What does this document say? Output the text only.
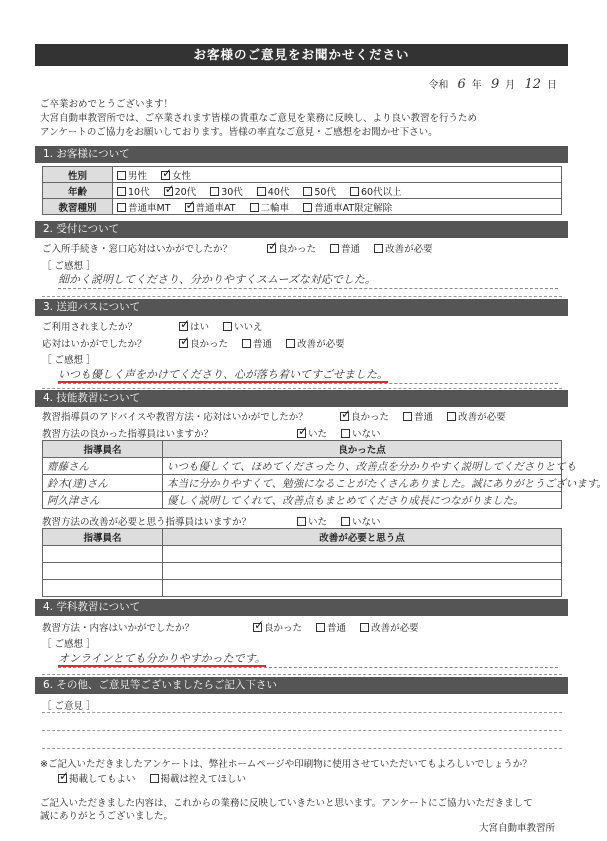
お客様のご意見をお聞かせください
令和 6 年 9 月 12 日
ご卒業おめでとうございます！
大宮自動車教習所では、ご卒業されます皆様の貴重なご意見を業務に反映し、より良い教習を行うため
アンケートのご協力をお願いしております。皆様の率直なご意見・ご感想をお聞かせ下さい。
1. お客様について
性別	男性 ✓ 女性
年齢	10代 ✓ 20代 30代 40代 50代 60代以上
教習種別	普通車MT ✓ 普通車AT 二輪車 普通車AT限定解除
2. 受付について
ご入所手続き・窓口応対はいかがでしたか？ ✓	良かった	普通	改善が必要
［ ご感想 ］
細かく説明してくださり、分かりやすくスムーズな対応でした。
3. 送迎バスについて
ご利用されましたか？ ✓	はい	いいえ
応対はいかがでしたか？ ✓	良かった	普通	改善が必要
［ ご感想 ］
いつも優しく声をかけてくださり、心が落ち着いてすごせました。
4. 技能教習について
教習指導員のアドバイスや教習方法・応対はいかがでしたか？ ✓	良かった	普通	改善が必要
教習方法の良かった指導員はいますか？ ✓	いた	いない
指導員名	良かった点
齋藤さん	いつも優しくて、ほめてくださったり、改善点を分かりやすく説明してくださりとても
鈴木(達)さん	本当に分かりやすくて、勉強になることがたくさんありました。誠にありがとうございます。
阿久津さん	優しく説明してくれて、改善点もまとめてくださり成長につながりました。
教習方法の改善が必要と思う指導員はいますか？	いた	いない
指導員名	改善が必要と思う点

4. 学科教習について
教習方法・内容はいかがでしたか？ ✓	良かった	普通	改善が必要
［ ご感想 ］
オンラインとても分かりやすかったです。
6. その他、ご意見等ございましたらご記入下さい
［ ご意見 ］
※ご記入いただきましたアンケートは、弊社ホームページや印刷物に使用させていただいてもよろしいでしょうか？
✓掲載してもよい	掲載は控えてほしい
ご記入いただきました内容は、これからの業務に反映していきたいと思います。アンケートにご協力いただきまして
誠にありがとうございました。
大宮自動車教習所
